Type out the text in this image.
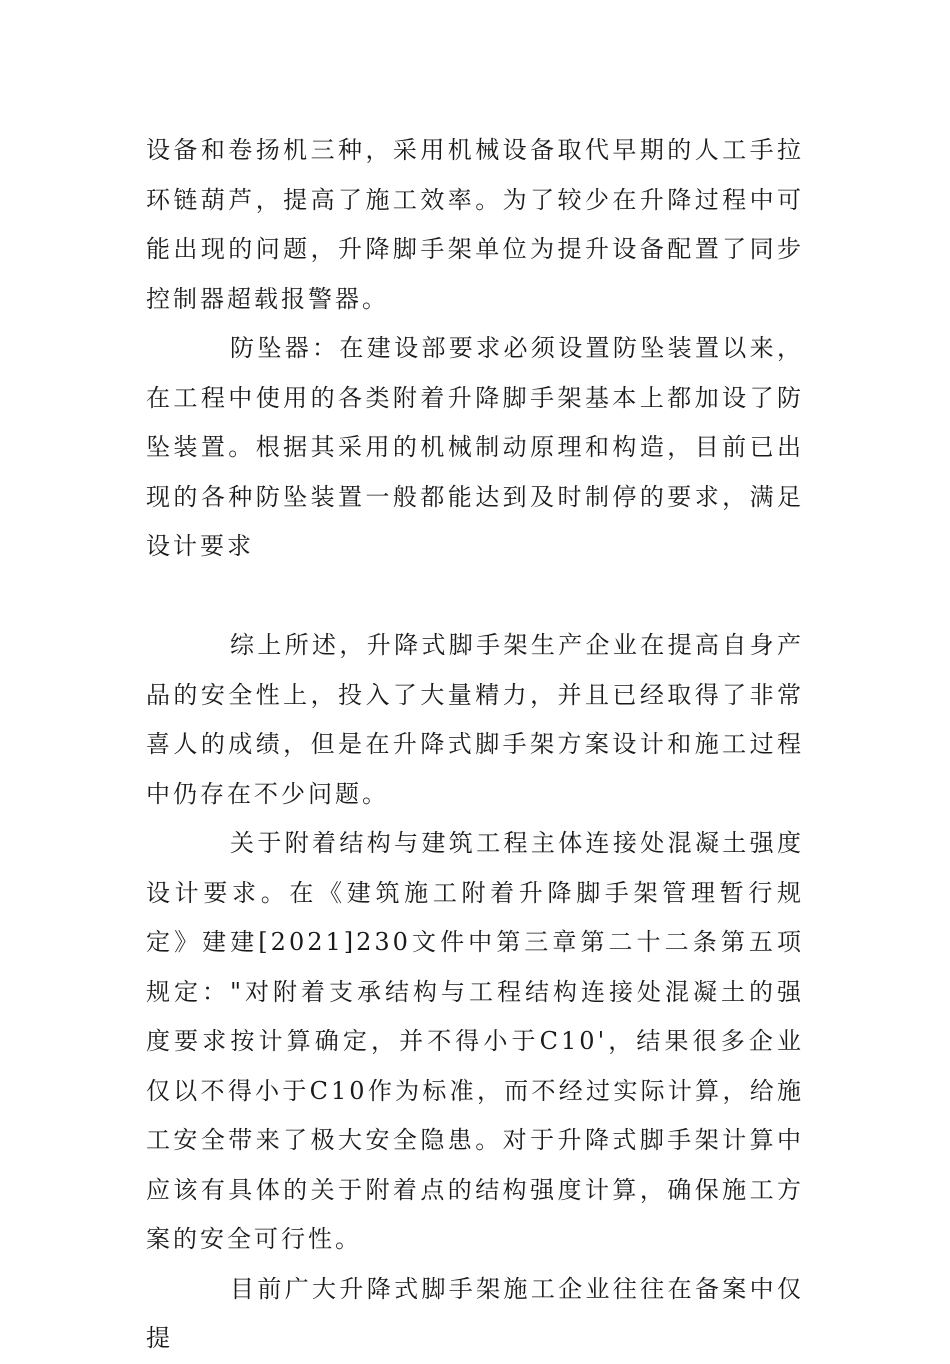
设备和卷扬机三种，采用机械设备取代早期的人工手拉环链葫芦，提高了施工效率。为了较少在升降过程中可能出现的问题，升降脚手架单位为提升设备配置了同步控制器超载报警器。

防坠器：在建设部要求必须设置防坠装置以来，在工程中使用的各类附着升降脚手架基本上都加设了防坠装置。根据其采用的机械制动原理和构造，目前已出现的各种防坠装置一般都能达到及时制停的要求，满足设计要求

综上所述，升降式脚手架生产企业在提高自身产品的安全性上，投入了大量精力，并且已经取得了非常喜人的成绩，但是在升降式脚手架方案设计和施工过程中仍存在不少问题。

关于附着结构与建筑工程主体连接处混凝土强度设计要求。在《建筑施工附着升降脚手架管理暂行规定》建建[2021]230文件中第三章第二十二条第五项规定："对附着支承结构与工程结构连接处混凝土的强度要求按计算确定，并不得小于C10'，结果很多企业仅以不得小于C10作为标准，而不经过实际计算，给施工安全带来了极大安全隐患。对于升降式脚手架计算中应该有具体的关于附着点的结构强度计算，确保施工方案的安全可行性。

目前广大升降式脚手架施工企业往往在备案中仅提
